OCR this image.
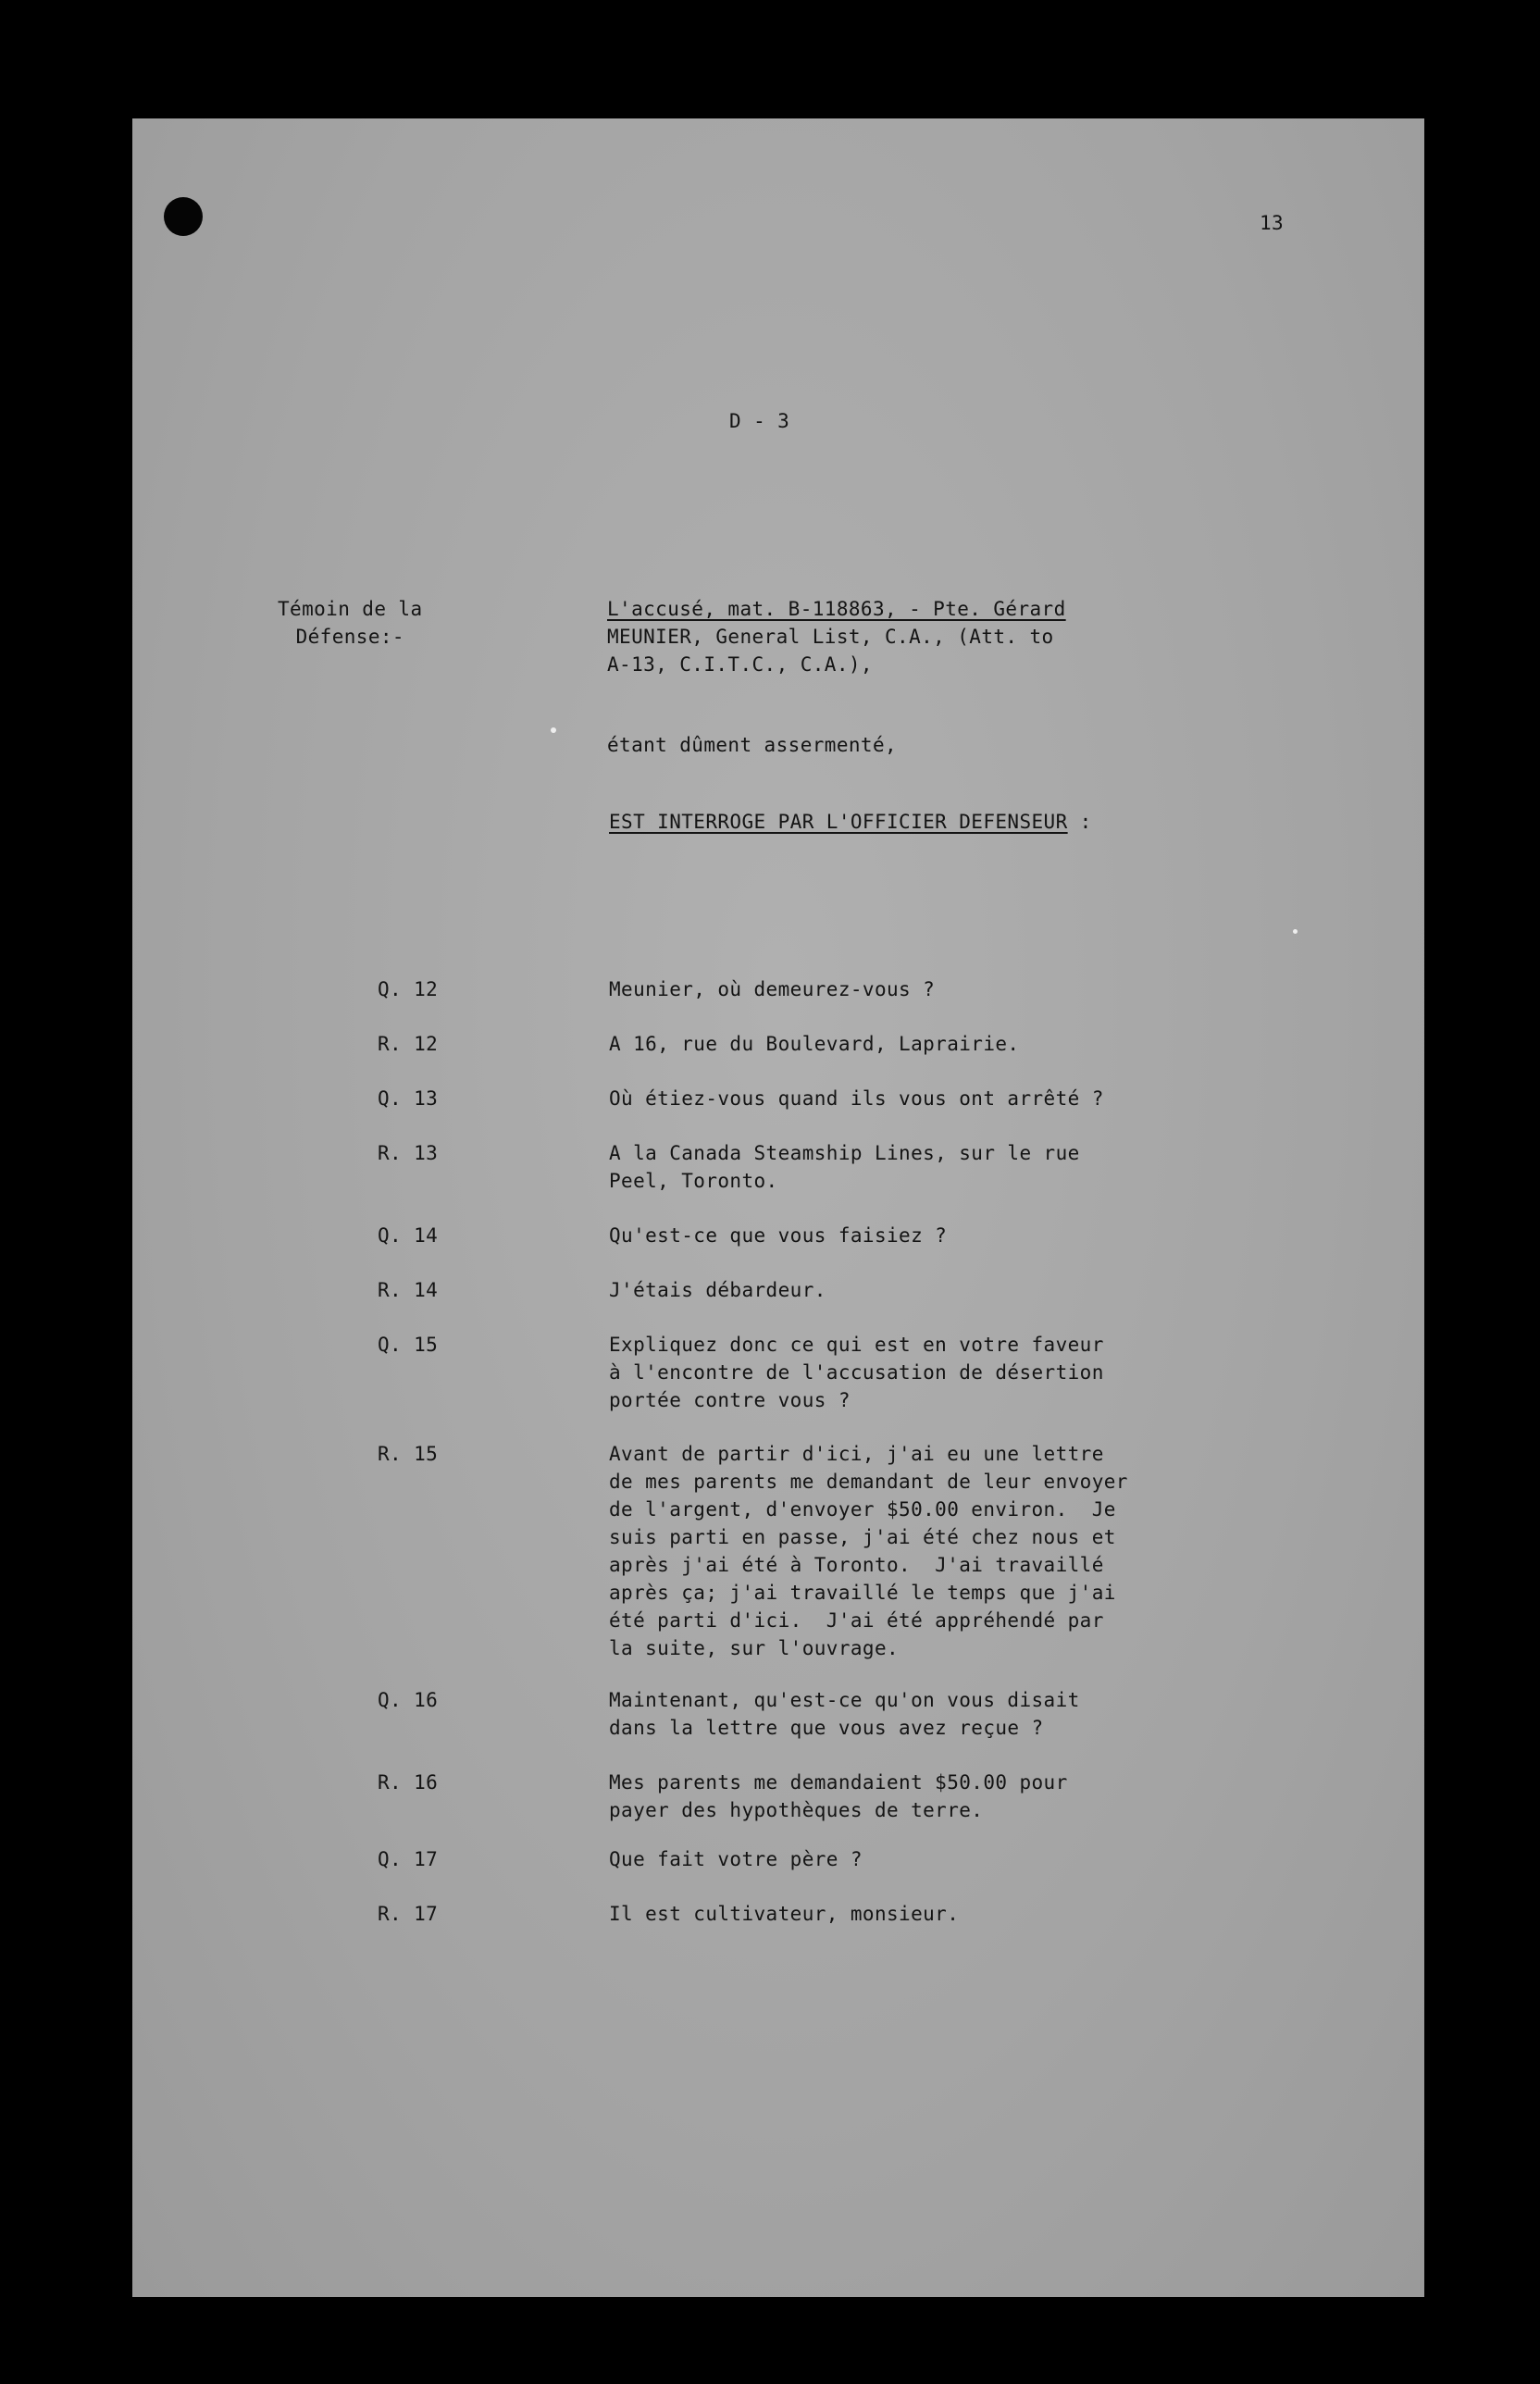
13
D - 3
Témoin de la
Défense:-
L'accusé, mat. B-118863, - Pte. Gérard
MEUNIER, General List, C.A., (Att. to
A-13, C.I.T.C., C.A.),
étant dûment assermenté,
EST INTERROGE PAR L'OFFICIER DEFENSEUR :
Q. 12	Meunier, où demeurez-vous ?
R. 12	A 16, rue du Boulevard, Laprairie.
Q. 13	Où étiez-vous quand ils vous ont arrêté ?
R. 13	A la Canada Steamship Lines, sur le rue
Peel, Toronto.
Q. 14	Qu'est-ce que vous faisiez ?
R. 14	J'étais débardeur.
Q. 15	Expliquez donc ce qui est en votre faveur
à l'encontre de l'accusation de désertion
portée contre vous ?
R. 15	Avant de partir d'ici, j'ai eu une lettre
de mes parents me demandant de leur envoyer
de l'argent, d'envoyer $50.00 environ.  Je
suis parti en passe, j'ai été chez nous et
après j'ai été à Toronto.  J'ai travaillé
après ça; j'ai travaillé le temps que j'ai
été parti d'ici.  J'ai été appréhendé par
la suite, sur l'ouvrage.
Q. 16	Maintenant, qu'est-ce qu'on vous disait
dans la lettre que vous avez reçue ?
R. 16	Mes parents me demandaient $50.00 pour
payer des hypothèques de terre.
Q. 17	Que fait votre père ?
R. 17	Il est cultivateur, monsieur.
